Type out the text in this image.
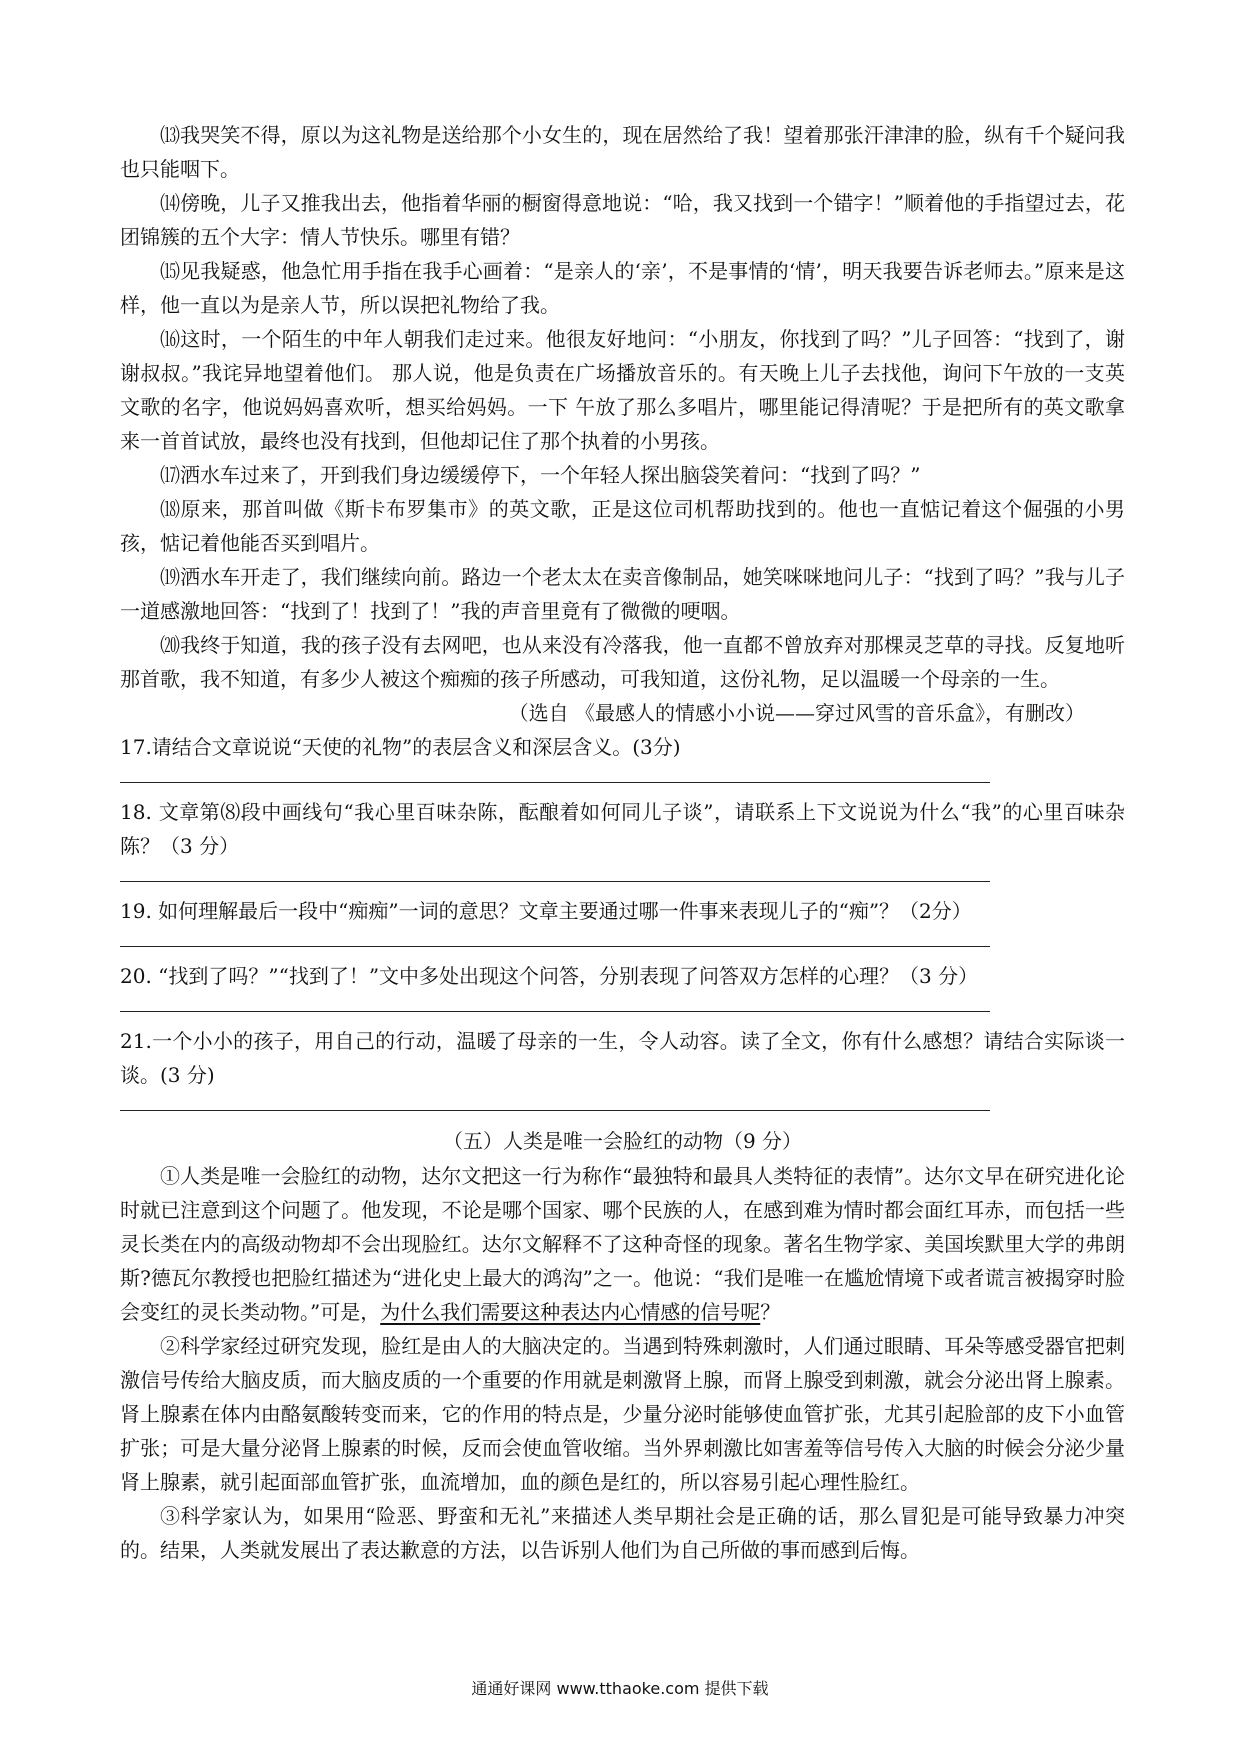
⒀我哭笑不得，原以为这礼物是送给那个小女生的，现在居然给了我！望着那张汗津津的脸，纵有千个疑问我也只能咽下。

⒁傍晚，儿子又推我出去，他指着华丽的橱窗得意地说：“哈，我又找到一个错字！”顺着他的手指望过去，花团锦簇的五个大字：情人节快乐。哪里有错？

⒂见我疑惑，他急忙用手指在我手心画着：“是亲人的‘亲’，不是事情的‘情’，明天我要告诉老师去。”原来是这样，他一直以为是亲人节，所以误把礼物给了我。

⒃这时，一个陌生的中年人朝我们走过来。他很友好地问：“小朋友，你找到了吗？”儿子回答：“找到了，谢谢叔叔。”我诧异地望着他们。 那人说，他是负责在广场播放音乐的。有天晚上儿子去找他，询问下午放的一支英文歌的名字，他说妈妈喜欢听，想买给妈妈。一下 午放了那么多唱片，哪里能记得清呢？于是把所有的英文歌拿来一首首试放，最终也没有找到，但他却记住了那个执着的小男孩。

⒄洒水车过来了，开到我们身边缓缓停下，一个年轻人探出脑袋笑着问：“找到了吗？”

⒅原来，那首叫做《斯卡布罗集市》的英文歌，正是这位司机帮助找到的。他也一直惦记着这个倔强的小男孩，惦记着他能否买到唱片。

⒆洒水车开走了，我们继续向前。路边一个老太太在卖音像制品，她笑咪咪地问儿子：“找到了吗？”我与儿子一道感激地回答：“找到了！找到了！”我的声音里竟有了微微的哽咽。

⒇我终于知道，我的孩子没有去网吧，也从来没有冷落我，他一直都不曾放弃对那棵灵芝草的寻找。反复地听那首歌，我不知道，有多少人被这个痴痴的孩子所感动，可我知道，这份礼物，足以温暖一个母亲的一生。

（选自 《最感人的情感小小说——穿过风雪的音乐盒》，有删改）

17.请结合文章说说“天使的礼物”的表层含义和深层含义。(3分)

18. 文章第⑻段中画线句“我心里百味杂陈，酝酿着如何同儿子谈”，请联系上下文说说为什么“我”的心里百味杂陈？（3 分）

19. 如何理解最后一段中“痴痴”一词的意思？文章主要通过哪一件事来表现儿子的“痴”？（2分）

20. “找到了吗？”“找到了！”文中多处出现这个问答，分别表现了问答双方怎样的心理？（3 分）

21.一个小小的孩子，用自己的行动，温暖了母亲的一生，令人动容。读了全文，你有什么感想？请结合实际谈一谈。(3 分)

（五）人类是唯一会脸红的动物（9 分）

①人类是唯一会脸红的动物，达尔文把这一行为称作“最独特和最具人类特征的表情”。达尔文早在研究进化论时就已注意到这个问题了。他发现，不论是哪个国家、哪个民族的人，在感到难为情时都会面红耳赤，而包括一些灵长类在内的高级动物却不会出现脸红。达尔文解释不了这种奇怪的现象。著名生物学家、美国埃默里大学的弗朗斯?德瓦尔教授也把脸红描述为“进化史上最大的鸿沟”之一。他说：“我们是唯一在尴尬情境下或者谎言被揭穿时脸会变红的灵长类动物。”可是，为什么我们需要这种表达内心情感的信号呢？

②科学家经过研究发现，脸红是由人的大脑决定的。当遇到特殊刺激时，人们通过眼睛、耳朵等感受器官把刺激信号传给大脑皮质，而大脑皮质的一个重要的作用就是刺激肾上腺，而肾上腺受到刺激，就会分泌出肾上腺素。肾上腺素在体内由酪氨酸转变而来，它的作用的特点是，少量分泌时能够使血管扩张，尤其引起脸部的皮下小血管扩张；可是大量分泌肾上腺素的时候，反而会使血管收缩。当外界刺激比如害羞等信号传入大脑的时候会分泌少量肾上腺素，就引起面部血管扩张，血流增加，血的颜色是红的，所以容易引起心理性脸红。

③科学家认为，如果用“险恶、野蛮和无礼”来描述人类早期社会是正确的话，那么冒犯是可能导致暴力冲突的。结果，人类就发展出了表达歉意的方法，以告诉别人他们为自己所做的事而感到后悔。

通通好课网 www.tthaoke.com 提供下载
